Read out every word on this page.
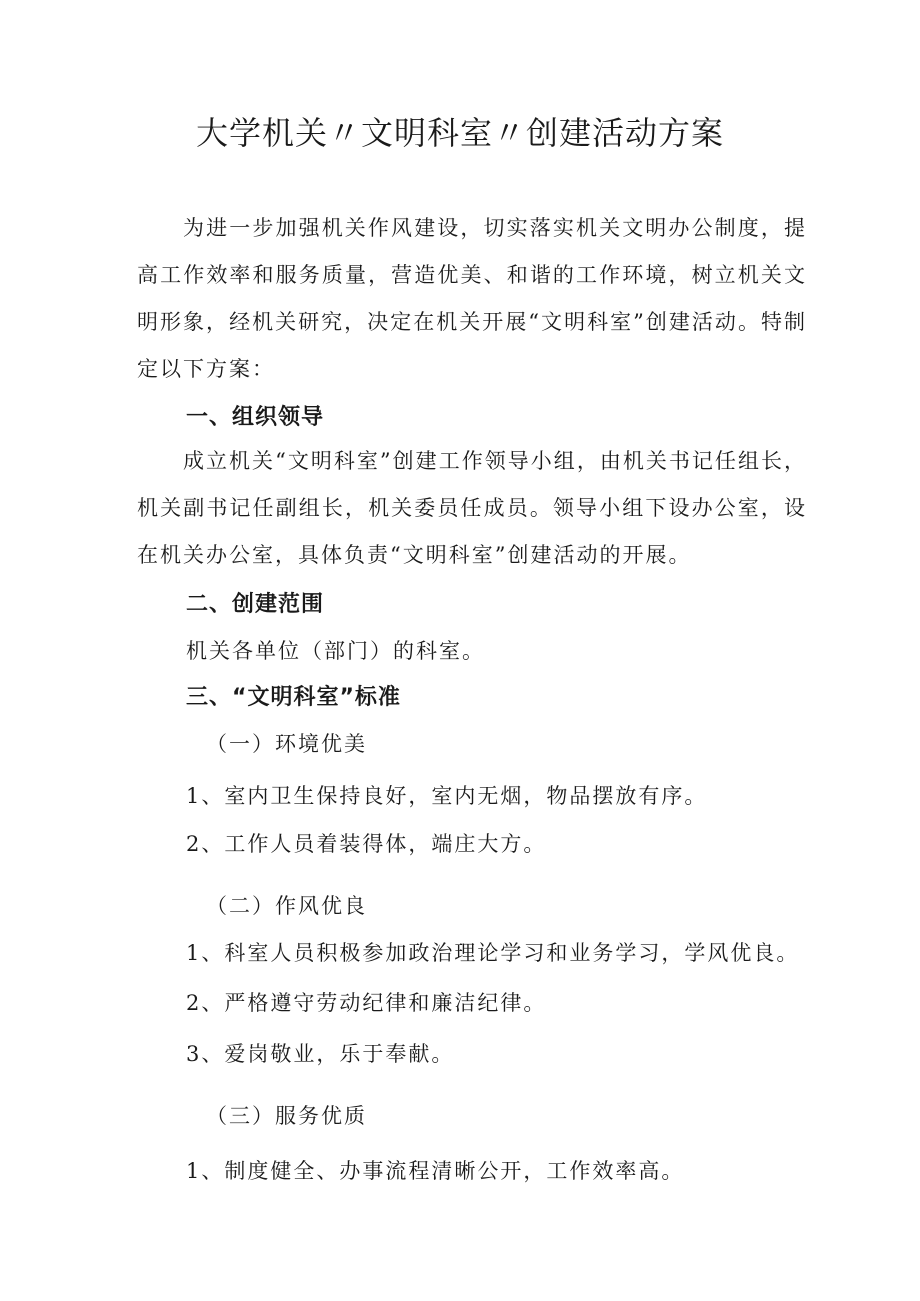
大学机关〃文明科室〃创建活动方案
为进一步加强机关作风建设，切实落实机关文明办公制度，提高工作效率和服务质量，营造优美、和谐的工作环境，树立机关文明形象，经机关研究，决定在机关开展“文明科室”创建活动。特制定以下方案：
一、组织领导
成立机关“文明科室”创建工作领导小组，由机关书记任组长，机关副书记任副组长，机关委员任成员。领导小组下设办公室，设在机关办公室，具体负责“文明科室”创建活动的开展。
二、创建范围
机关各单位（部门）的科室。
三、“文明科室”标准
（一）环境优美
1、室内卫生保持良好，室内无烟，物品摆放有序。
2、工作人员着装得体，端庄大方。
（二）作风优良
1、科室人员积极参加政治理论学习和业务学习，学风优良。
2、严格遵守劳动纪律和廉洁纪律。
3、爱岗敬业，乐于奉献。
（三）服务优质
1、制度健全、办事流程清晰公开，工作效率高。
